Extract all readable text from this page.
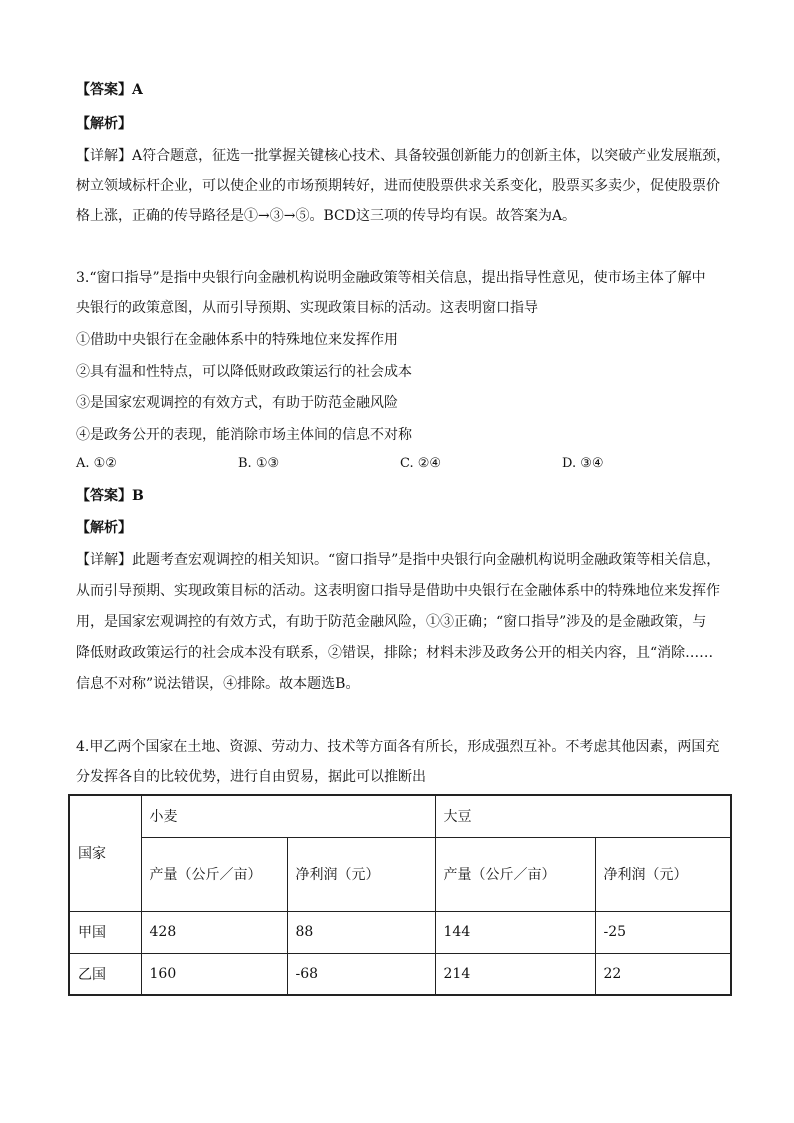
【答案】A
【解析】
【详解】A符合题意，征选一批掌握关键核心技术、具备较强创新能力的创新主体，以突破产业发展瓶颈，
树立领域标杆企业，可以使企业的市场预期转好，进而使股票供求关系变化，股票买多卖少，促使股票价
格上涨，正确的传导路径是①→③→⑤。BCD这三项的传导均有误。故答案为A。
3.“窗口指导”是指中央银行向金融机构说明金融政策等相关信息，提出指导性意见，使市场主体了解中
央银行的政策意图，从而引导预期、实现政策目标的活动。这表明窗口指导
①借助中央银行在金融体系中的特殊地位来发挥作用
②具有温和性特点，可以降低财政政策运行的社会成本
③是国家宏观调控的有效方式，有助于防范金融风险
④是政务公开的表现，能消除市场主体间的信息不对称
A. ①②	B. ①③	C. ②④	D. ③④
【答案】B
【解析】
【详解】此题考查宏观调控的相关知识。“窗口指导”是指中央银行向金融机构说明金融政策等相关信息，
从而引导预期、实现政策目标的活动。这表明窗口指导是借助中央银行在金融体系中的特殊地位来发挥作
用，是国家宏观调控的有效方式，有助于防范金融风险，①③正确；“窗口指导”涉及的是金融政策，与
降低财政政策运行的社会成本没有联系，②错误，排除；材料未涉及政务公开的相关内容，且“消除……
信息不对称”说法错误，④排除。故本题选B。
4.甲乙两个国家在土地、资源、劳动力、技术等方面各有所长，形成强烈互补。不考虑其他因素，两国充
分发挥各自的比较优势，进行自由贸易，据此可以推断出
国家	小麦		大豆	
	产量（公斤／亩）	净利润（元）	产量（公斤／亩）	净利润（元）
甲国	428	88	144	-25
乙国	160	-68	214	22
